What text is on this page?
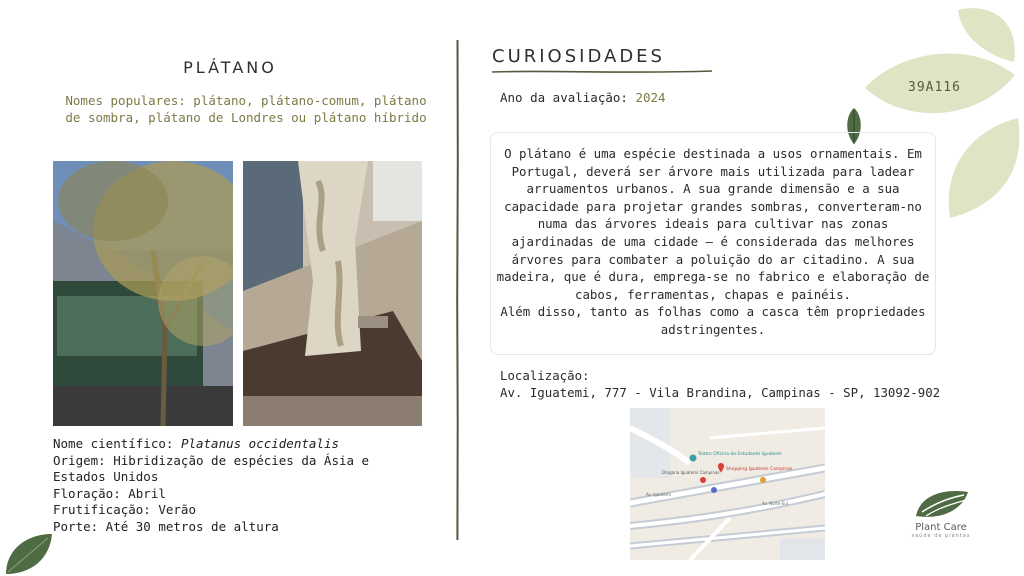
PLÁTANO
Nomes populares: plátano, plátano-comum, plátano de sombra, plátano de Londres ou plátano híbrido
Nome científico: Platanus occidentalis
Origem: Hibridização de espécies da Ásia e
Estados Unidos
Floração: Abril
Frutificação: Verão
Porte: Até 30 metros de altura
CURIOSIDADES
Ano da avaliação: 2024
39A116
O plátano é uma espécie destinada a usos ornamentais. Em Portugal, deverá ser árvore mais utilizada para ladear arruamentos urbanos. A sua grande dimensão e a sua capacidade para projetar grandes sombras, converteram-no numa das árvores ideais para cultivar nas zonas ajardinadas de uma cidade – é considerada das melhores árvores para combater a poluição do ar citadino. A sua madeira, que é dura, emprega-se no fabrico e elaboração de cabos, ferramentas, chapas e painéis.
Além disso, tanto as folhas como a casca têm propriedades adstringentes.
Localização:
Av. Iguatemi, 777 - Vila Brandina, Campinas - SP, 13092-902
Teatro Oficina do Estudante Iguatemi
Shopping Iguatemi Campinas
Drogaria Iguatemi Campinas
Av. Iguatemi
Av. Norte-Sul
Plant Care
saúde de plantas
